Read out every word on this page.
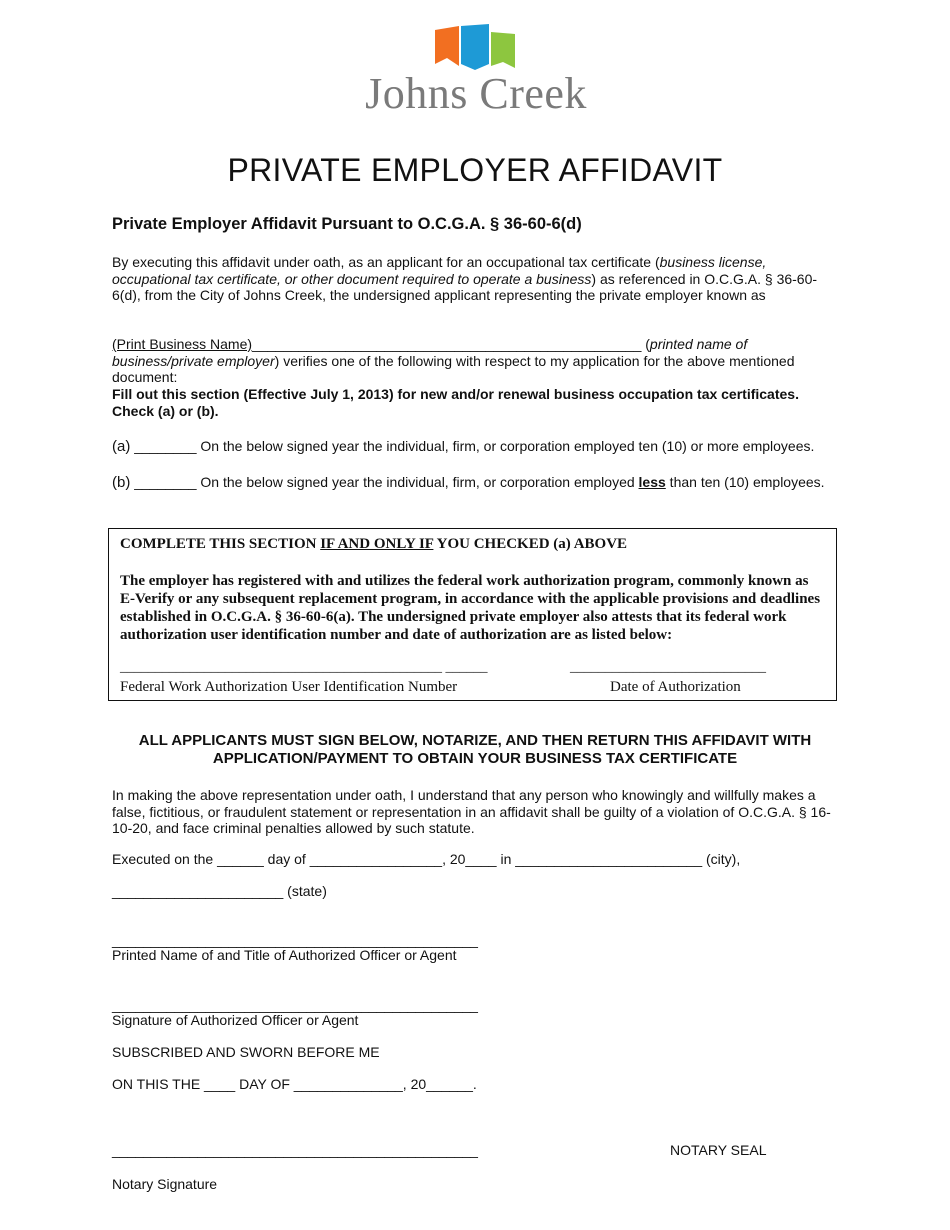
Johns Creek
PRIVATE EMPLOYER AFFIDAVIT
Private Employer Affidavit Pursuant to O.C.G.A. § 36-60-6(d)

By executing this affidavit under oath, as an applicant for an occupational tax certificate (business license, occupational tax certificate, or other document required to operate a business) as referenced in O.C.G.A. § 36-60-6(d), from the City of Johns Creek, the undersigned applicant representing the private employer known as

(Print Business Name)__________________________________________________ (printed name of business/private employer) verifies one of the following with respect to my application for the above mentioned document:

Fill out this section (Effective July 1, 2013) for new and/or renewal business occupation tax certificates. Check (a) or (b).

(a) ________ On the below signed year the individual, firm, or corporation employed ten (10) or more employees.
(b) ________ On the below signed year the individual, firm, or corporation employed less than ten (10) employees.
COMPLETE THIS SECTION IF AND ONLY IF YOU CHECKED (a) ABOVE

The employer has registered with and utilizes the federal work authorization program, commonly known as E-Verify or any subsequent replacement program, in accordance with the applicable provisions and deadlines established in O.C.G.A. § 36-60-6(a). The undersigned private employer also attests that its federal work authorization user identification number and date of authorization are as listed below:

______________________________________________ ______	____________________________
Federal Work Authorization User Identification Number	Date of Authorization

ALL APPLICANTS MUST SIGN BELOW, NOTARIZE, AND THEN RETURN THIS AFFIDAVIT WITH APPLICATION/PAYMENT TO OBTAIN YOUR BUSINESS TAX CERTIFICATE

In making the above representation under oath, I understand that any person who knowingly and willfully makes a false, fictitious, or fraudulent statement or representation in an affidavit shall be guilty of a violation of O.C.G.A. § 16-10-20, and face criminal penalties allowed by such statute.

Executed on the ______ day of _________________, 20____ in ________________________ (city),
______________________ (state)
_______________________________________________
Printed Name of and Title of Authorized Officer or Agent
_______________________________________________
Signature of Authorized Officer or Agent
SUBSCRIBED AND SWORN BEFORE ME
ON THIS THE ____ DAY OF ______________, 20______.
_______________________________________________	NOTARY SEAL
Notary Signature
